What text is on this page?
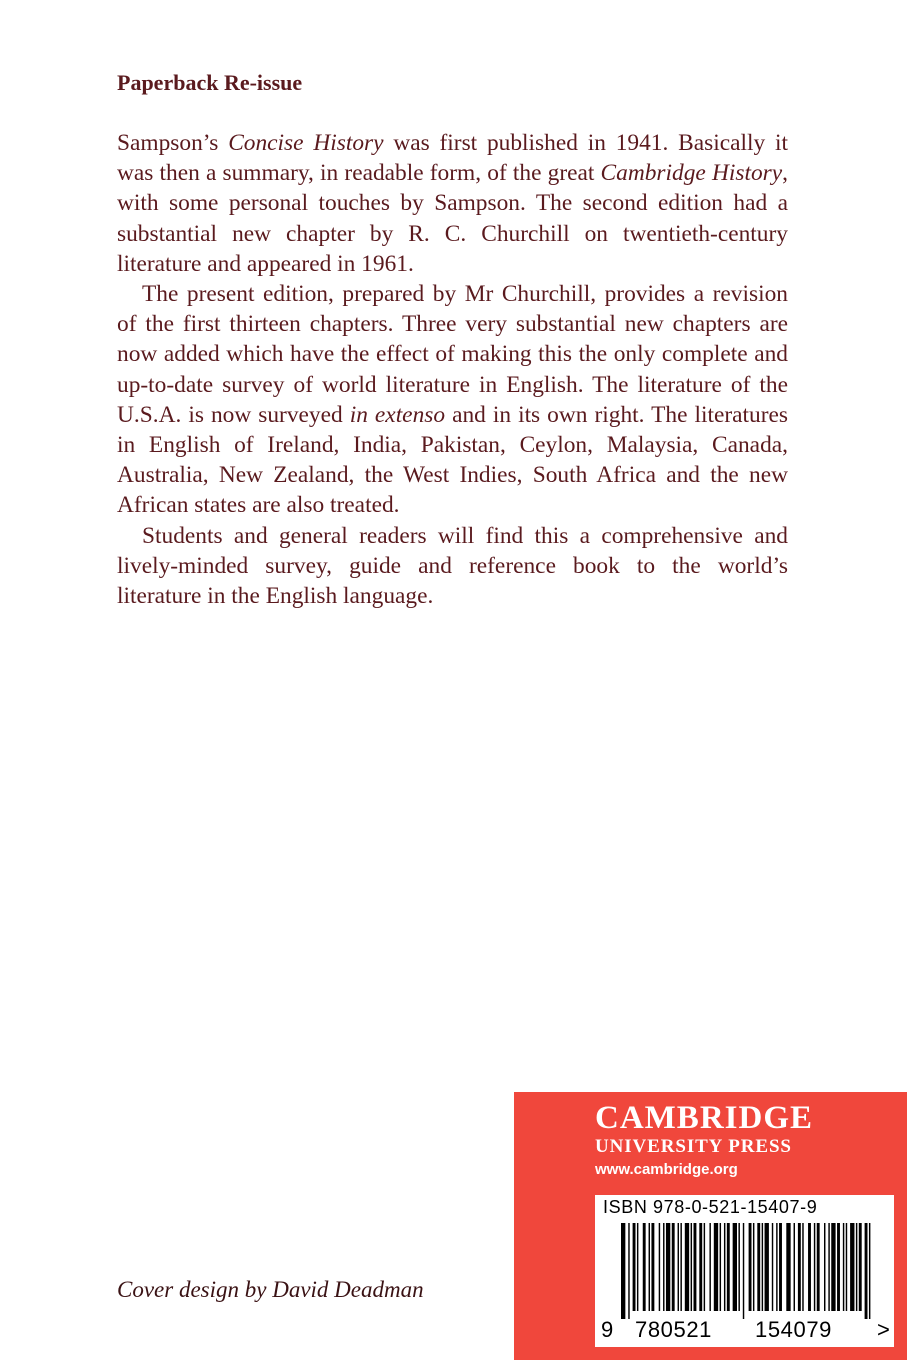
Paperback Re-issue

Sampson’s Concise History was first published in 1941. Basically it was then a summary, in readable form, of the great Cambridge History, with some personal touches by Sampson. The second edition had a substantial new chapter by R. C. Churchill on twentieth-century literature and appeared in 1961.

The present edition, prepared by Mr Churchill, provides a revision of the first thirteen chapters. Three very substantial new chapters are now added which have the effect of making this the only complete and up-to-date survey of world literature in English. The literature of the U.S.A. is now surveyed in extenso and in its own right. The literatures in English of Ireland, India, Pakistan, Ceylon, Malaysia, Canada, Australia, New Zealand, the West Indies, South Africa and the new African states are also treated.

Students and general readers will find this a comprehensive and lively-minded survey, guide and reference book to the world’s literature in the English language.

Cover design by David Deadman
CAMBRIDGE
UNIVERSITY PRESS
www.cambridge.org
ISBN 978-0-521-15407-9
9 780521 154079 >
